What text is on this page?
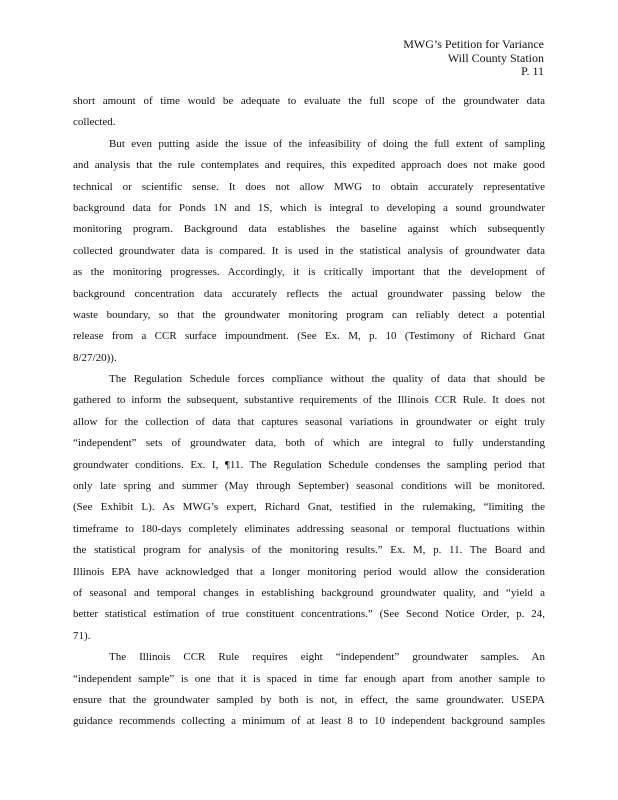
MWG’s Petition for Variance
Will County Station
P. 11
short amount of time would be adequate to evaluate the full scope of the groundwater data
collected.
But even putting aside the issue of the infeasibility of doing the full extent of sampling
and analysis that the rule contemplates and requires, this expedited approach does not make good
technical or scientific sense. It does not allow MWG to obtain accurately representative
background data for Ponds 1N and 1S, which is integral to developing a sound groundwater
monitoring program. Background data establishes the baseline against which subsequently
collected groundwater data is compared. It is used in the statistical analysis of groundwater data
as the monitoring progresses. Accordingly, it is critically important that the development of
background concentration data accurately reflects the actual groundwater passing below the
waste boundary, so that the groundwater monitoring program can reliably detect a potential
release from a CCR surface impoundment. (See Ex. M, p. 10 (Testimony of Richard Gnat
8/27/20)).
The Regulation Schedule forces compliance without the quality of data that should be
gathered to inform the subsequent, substantive requirements of the Illinois CCR Rule. It does not
allow for the collection of data that captures seasonal variations in groundwater or eight truly
“independent” sets of groundwater data, both of which are integral to fully understanding
groundwater conditions. Ex. I, ¶11. The Regulation Schedule condenses the sampling period that
only late spring and summer (May through September) seasonal conditions will be monitored.
(See Exhibit L). As MWG’s expert, Richard Gnat, testified in the rulemaking, “limiting the
timeframe to 180-days completely eliminates addressing seasonal or temporal fluctuations within
the statistical program for analysis of the monitoring results.” Ex. M, p. 11. The Board and
Illinois EPA have acknowledged that a longer monitoring period would allow the consideration
of seasonal and temporal changes in establishing background groundwater quality, and “yield a
better statistical estimation of true constituent concentrations.” (See Second Notice Order, p. 24,
71).
The Illinois CCR Rule requires eight “independent” groundwater samples. An
“independent sample” is one that it is spaced in time far enough apart from another sample to
ensure that the groundwater sampled by both is not, in effect, the same groundwater. USEPA
guidance recommends collecting a minimum of at least 8 to 10 independent background samples
